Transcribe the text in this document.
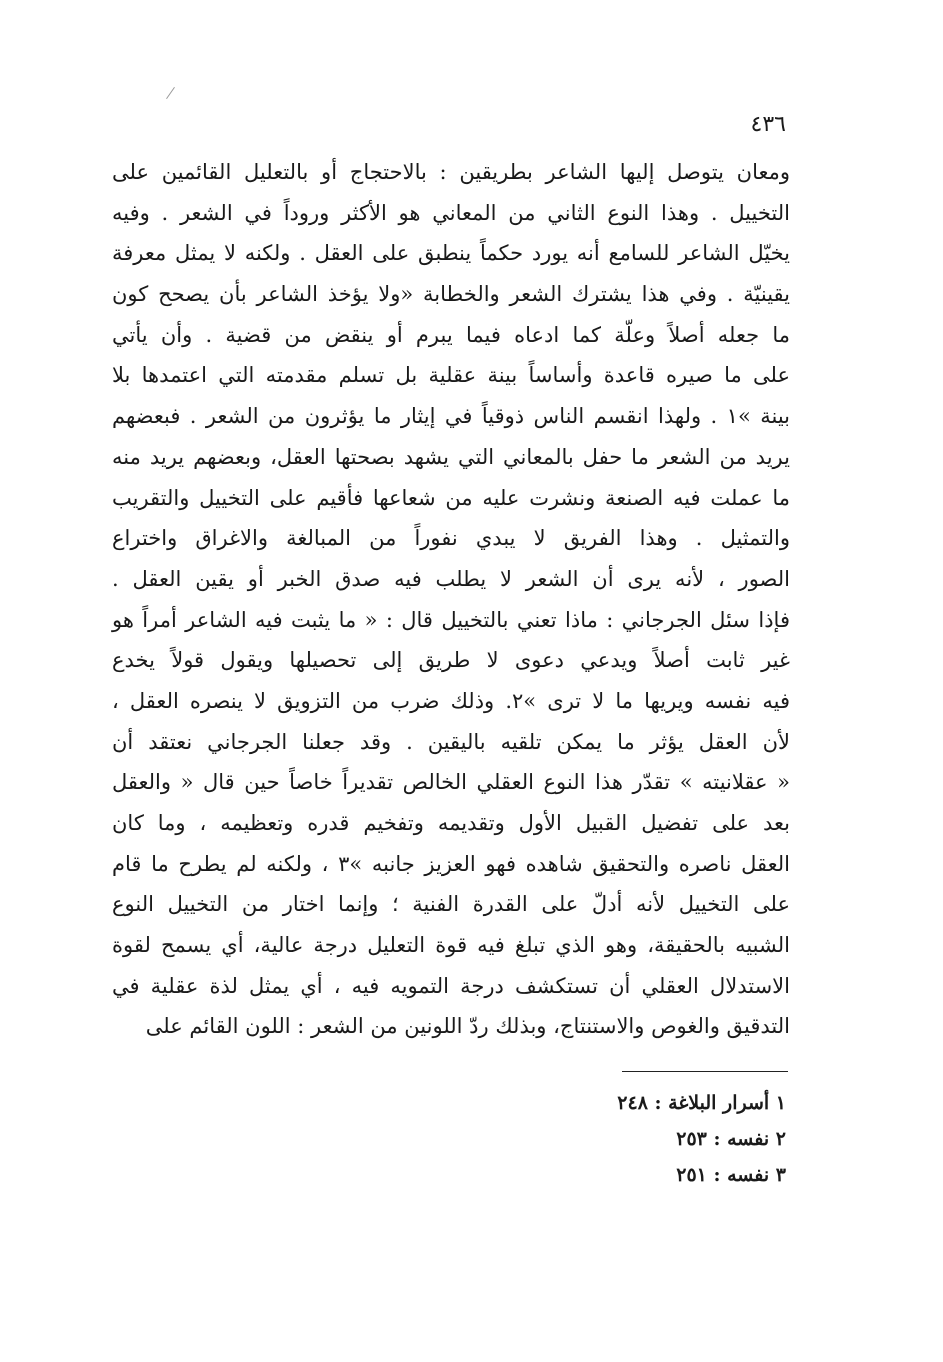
٤٣٦
ومعان يتوصل إليها الشاعر بطريقين : بالاحتجاج أو بالتعليل القائمين على
التخييل . وهذا النوع الثاني من المعاني هو الأكثر وروداً في الشعر . وفيه
يخيّل الشاعر للسامع أنه يورد حكماً ينطبق على العقل . ولكنه لا يمثل معرفة
يقينيّة . وفي هذا يشترك الشعر والخطابة «ولا يؤخذ الشاعر بأن يصحح كون
ما جعله أصلاً وعلّة كما ادعاه فيما يبرم أو ينقض من قضية . وأن يأتي
على ما صيره قاعدة وأساساً بينة عقلية بل تسلم مقدمته التي اعتمدها بلا
بينة »١ . ولهذا انقسم الناس ذوقياً في إيثار ما يؤثرون من الشعر . فبعضهم
يريد من الشعر ما حفل بالمعاني التي يشهد بصحتها العقل، وبعضهم يريد منه
ما عملت فيه الصنعة ونشرت عليه من شعاعها فأقيم على التخييل والتقريب
والتمثيل . وهذا الفريق لا يبدي نفوراً من المبالغة والاغراق واختراع
الصور ، لأنه يرى أن الشعر لا يطلب فيه صدق الخبر أو يقين العقل .
فإذا سئل الجرجاني : ماذا تعني بالتخييل قال : « ما يثبت فيه الشاعر أمراً هو
غير ثابت أصلاً ويدعي دعوى لا طريق إلى تحصيلها ويقول قولاً يخدع
فيه نفسه ويريها ما لا ترى »٢. وذلك ضرب من التزويق لا ينصره العقل ،
لأن العقل يؤثر ما يمكن تلقيه باليقين . وقد جعلنا الجرجاني نعتقد أن
« عقلانيته » تقدّر هذا النوع العقلي الخالص تقديراً خاصاً حين قال « والعقل
بعد على تفضيل القبيل الأول وتقديمه وتفخيم قدره وتعظيمه ، وما كان
العقل ناصره والتحقيق شاهده فهو العزيز جانبه »٣ ، ولكنه لم يطرح ما قام
على التخييل لأنه أدلّ على القدرة الفنية ؛ وإنما اختار من التخييل النوع
الشبيه بالحقيقة، وهو الذي تبلغ فيه قوة التعليل درجة عالية، أي يسمح لقوة
الاستدلال العقلي أن تستكشف درجة التمويه فيه ، أي يمثل لذة عقلية في
التدقيق والغوص والاستنتاج، وبذلك ردّ اللونين من الشعر : اللون القائم على
١ أسرار البلاغة : ٢٤٨
٢ نفسه : ٢٥٣
٣ نفسه : ٢٥١
